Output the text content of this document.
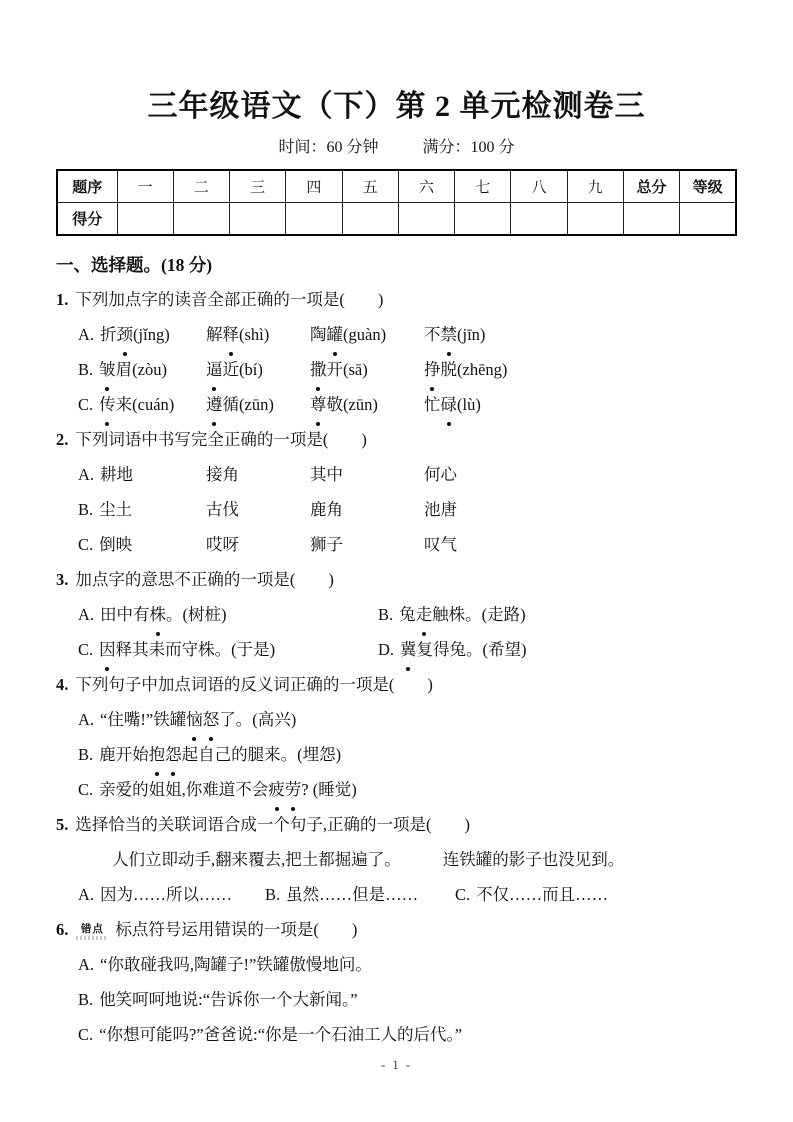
三年级语文（下）第 2 单元检测卷三
时间：60 分钟	满分：100 分
题序	一	二	三	四	五	六	七	八	九	总分	等级
得分											
一、选择题。(18 分)
1. 下列加点字的读音全部正确的一项是(        )
A. 折颈(jǐng)	解释(shì)	陶罐(guàn)	不禁(jīn)
B. 皱眉(zòu)	逼近(bí)	撒开(sā)	挣脱(zhēng)
C. 传来(cuán)	遵循(zūn)	尊敬(zūn)	忙碌(lù)
2. 下列词语中书写完全正确的一项是(        )
A. 耕地	接角	其中	何心
B. 尘土	古伐	鹿角	池唐
C. 倒映	哎呀	狮子	叹气
3. 加点字的意思不正确的一项是(        )
A. 田中有株。(树桩)	B. 兔走触株。(走路)
C. 因释其耒而守株。(于是)	D. 冀复得兔。(希望)
4. 下列句子中加点词语的反义词正确的一项是(        )
A. “住嘴!”铁罐恼怒了。(高兴)
B. 鹿开始抱怨起自己的腿来。(埋怨)
C. 亲爱的姐姐,你难道不会疲劳? (睡觉)
5. 选择恰当的关联词语合成一个句子,正确的一项是(        )
人们立即动手,翻来覆去,把土都掘遍了。	连铁罐的影子也没见到。
A. 因为……所以……	B. 虽然……但是……	C. 不仅……而且……
6.	错点 标点符号运用错误的一项是(        )
A. “你敢碰我吗,陶罐子!”铁罐傲慢地问。
B. 他笑呵呵地说:“告诉你一个大新闻。”
C. “你想可能吗?”爸爸说:“你是一个石油工人的后代。”
- 1 -
